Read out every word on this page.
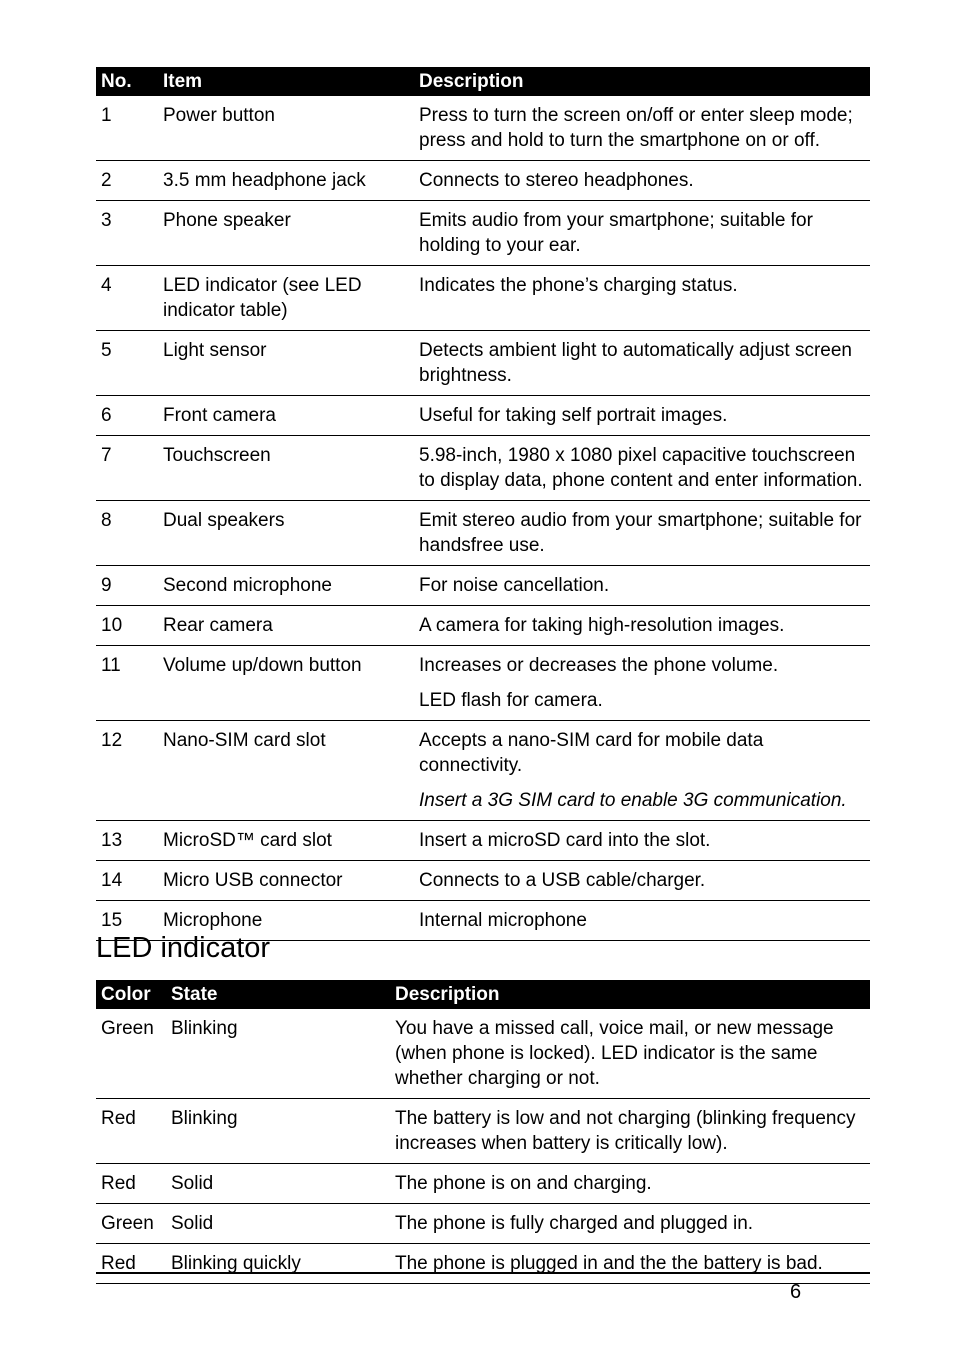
No.	Item	Description
1	Power button	Press to turn the screen on/off or enter sleep mode; press and hold to turn the smartphone on or off.
2	3.5 mm headphone jack	Connects to stereo headphones.
3	Phone speaker	Emits audio from your smartphone; suitable for holding to your ear.
4	LED indicator (see LED indicator table)	Indicates the phone’s charging status.
5	Light sensor	Detects ambient light to automatically adjust screen brightness.
6	Front camera	Useful for taking self portrait images.
7	Touchscreen	5.98-inch, 1980 x 1080 pixel capacitive touchscreen to display data, phone content and enter information.
8	Dual speakers	Emit stereo audio from your smartphone; suitable for handsfree use.
9	Second microphone	For noise cancellation.
10	Rear camera	A camera for taking high-resolution images.
11	Volume up/down button	Increases or decreases the phone volume.
		LED flash for camera.
12	Nano-SIM card slot	Accepts a nano-SIM card for mobile data connectivity.
		Insert a 3G SIM card to enable 3G communication.
13	MicroSD™ card slot	Insert a microSD card into the slot.
14	Micro USB connector	Connects to a USB cable/charger.
15	Microphone	Internal microphone
LED indicator
Color	State	Description
Green	Blinking	You have a missed call, voice mail, or new message (when phone is locked). LED indicator is the same whether charging or not.
Red	Blinking	The battery is low and not charging (blinking frequency increases when battery is critically low).
Red	Solid	The phone is on and charging.
Green	Solid	The phone is fully charged and plugged in.
Red	Blinking quickly	The phone is plugged in and the the battery is bad.
6
